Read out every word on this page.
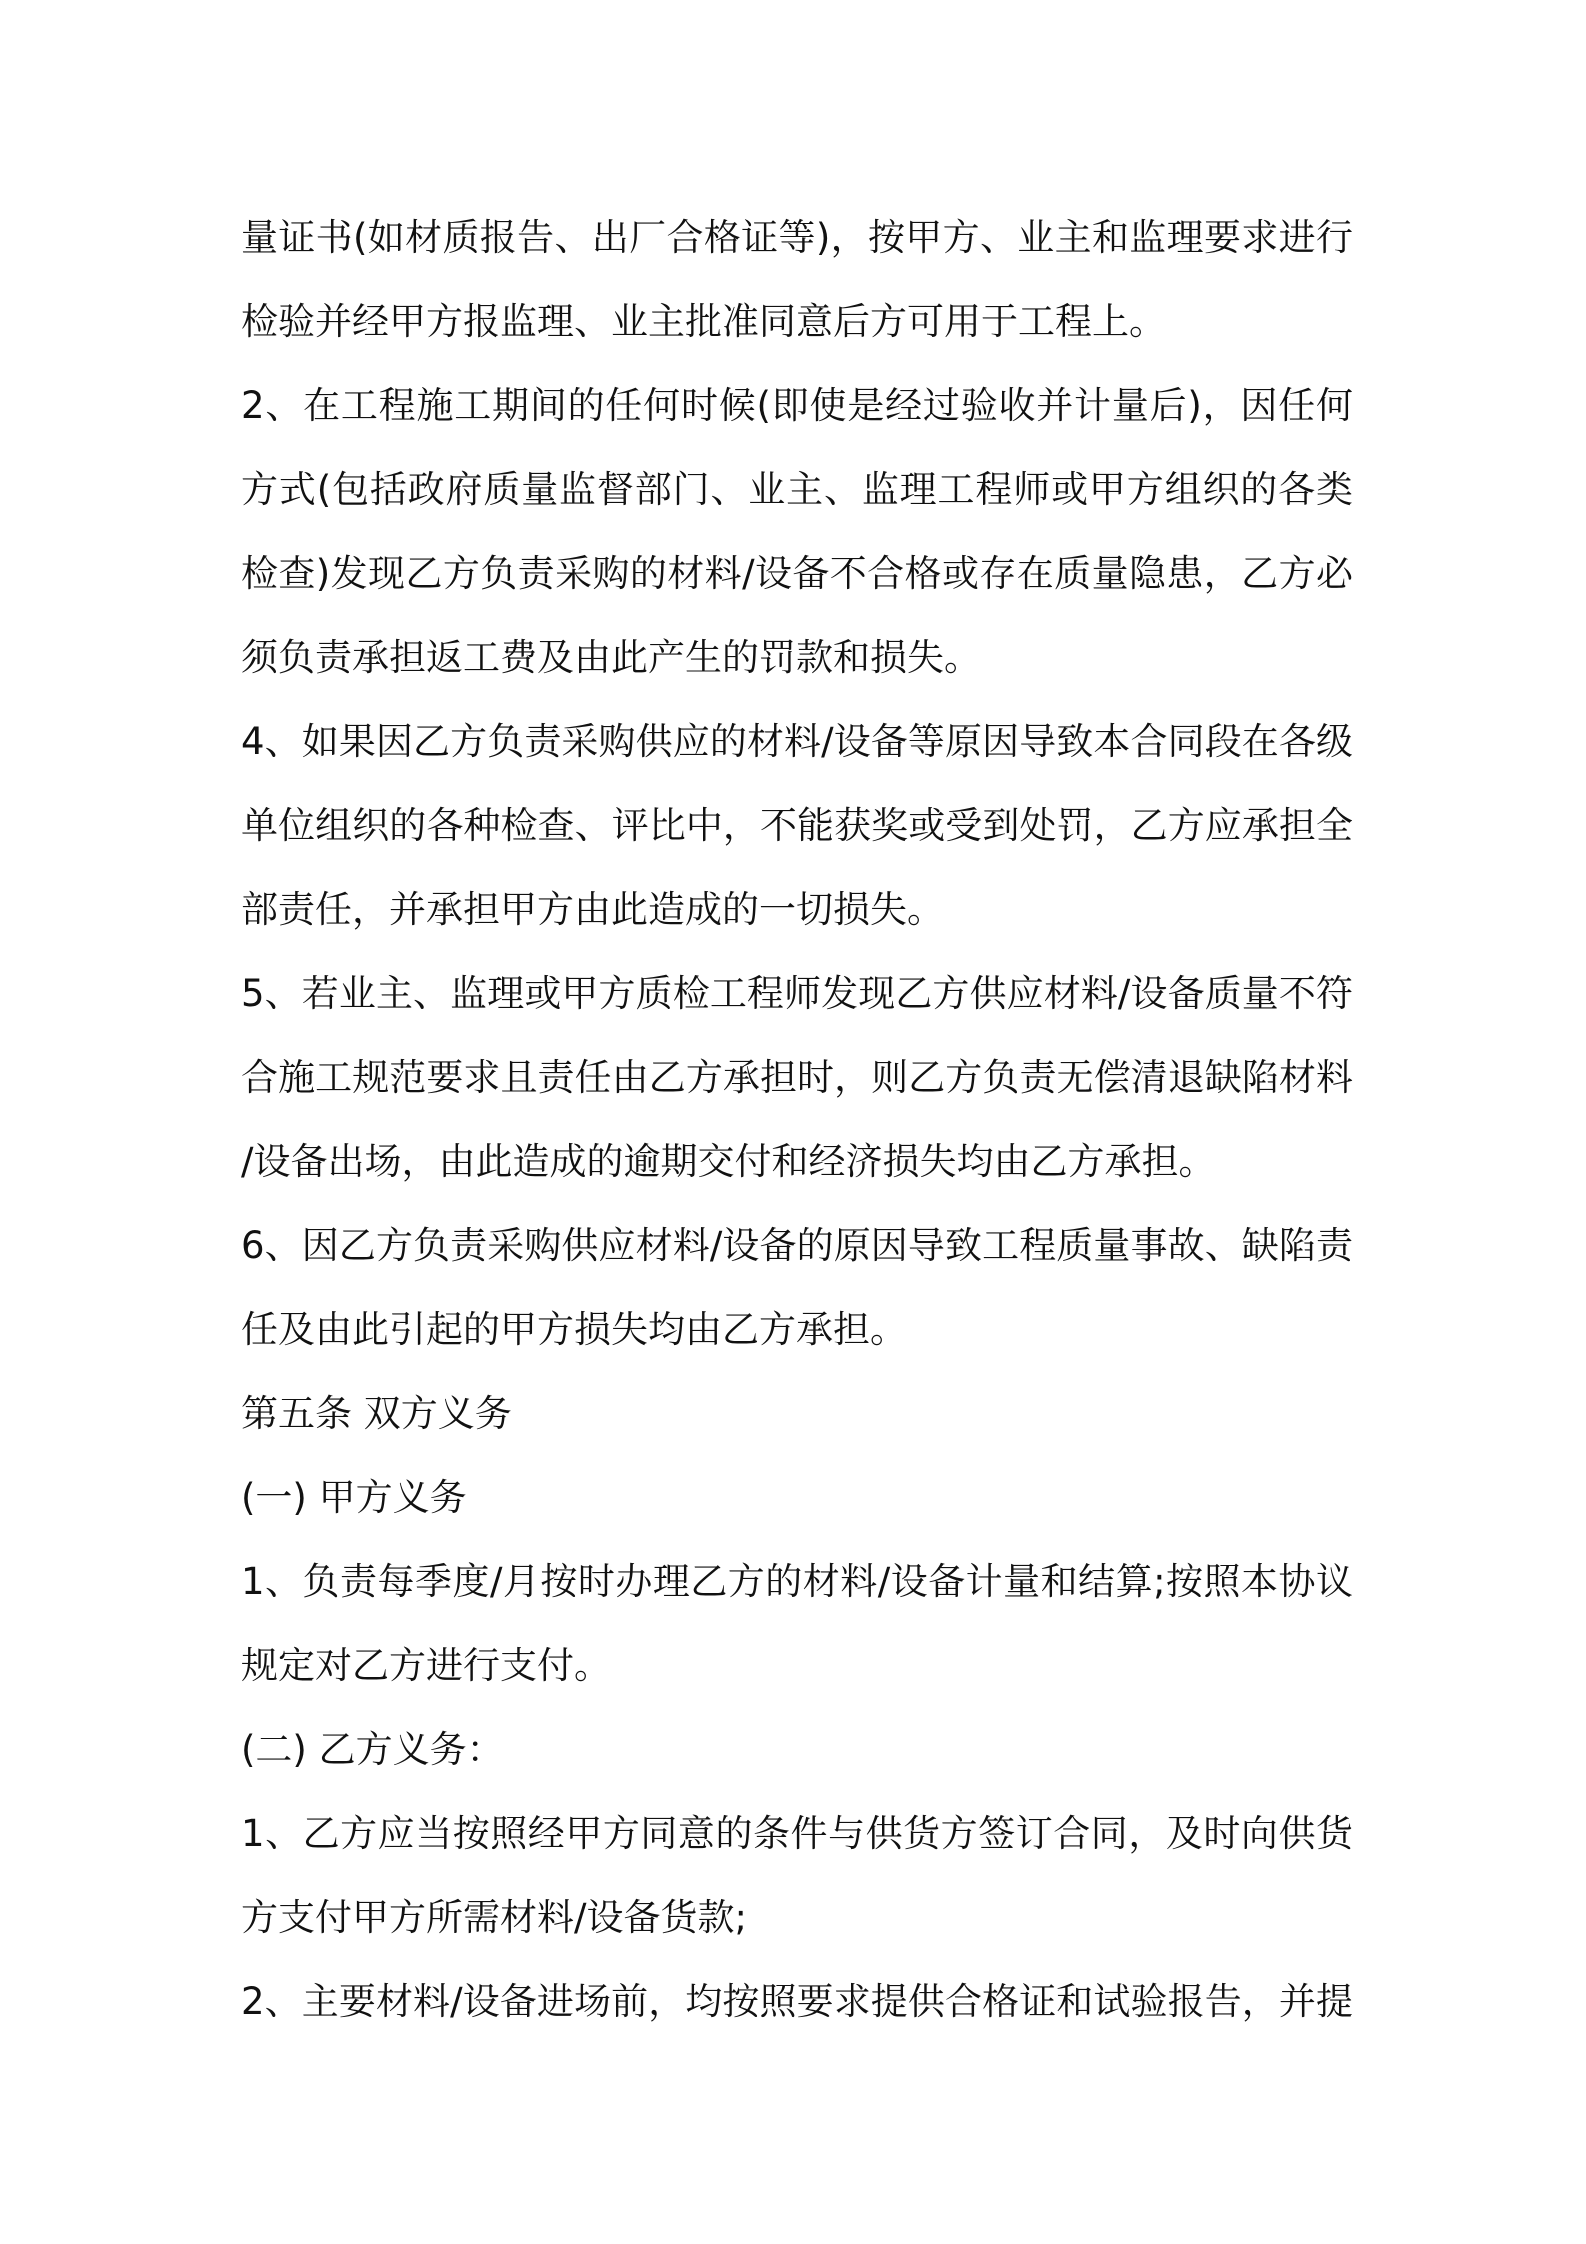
量证书(如材质报告、出厂合格证等)，按甲方、业主和监理要求进行
检验并经甲方报监理、业主批准同意后方可用于工程上。
2、在工程施工期间的任何时候(即使是经过验收并计量后)，因任何
方式(包括政府质量监督部门、业主、监理工程师或甲方组织的各类
检查)发现乙方负责采购的材料/设备不合格或存在质量隐患，乙方必
须负责承担返工费及由此产生的罚款和损失。
4、如果因乙方负责采购供应的材料/设备等原因导致本合同段在各级
单位组织的各种检查、评比中，不能获奖或受到处罚，乙方应承担全
部责任，并承担甲方由此造成的一切损失。
5、若业主、监理或甲方质检工程师发现乙方供应材料/设备质量不符
合施工规范要求且责任由乙方承担时，则乙方负责无偿清退缺陷材料
/设备出场，由此造成的逾期交付和经济损失均由乙方承担。
6、因乙方负责采购供应材料/设备的原因导致工程质量事故、缺陷责
任及由此引起的甲方损失均由乙方承担。
第五条 双方义务
(一) 甲方义务
1、负责每季度/月按时办理乙方的材料/设备计量和结算;按照本协议
规定对乙方进行支付。
(二) 乙方义务：
1、乙方应当按照经甲方同意的条件与供货方签订合同，及时向供货
方支付甲方所需材料/设备货款;
2、主要材料/设备进场前，均按照要求提供合格证和试验报告，并提
